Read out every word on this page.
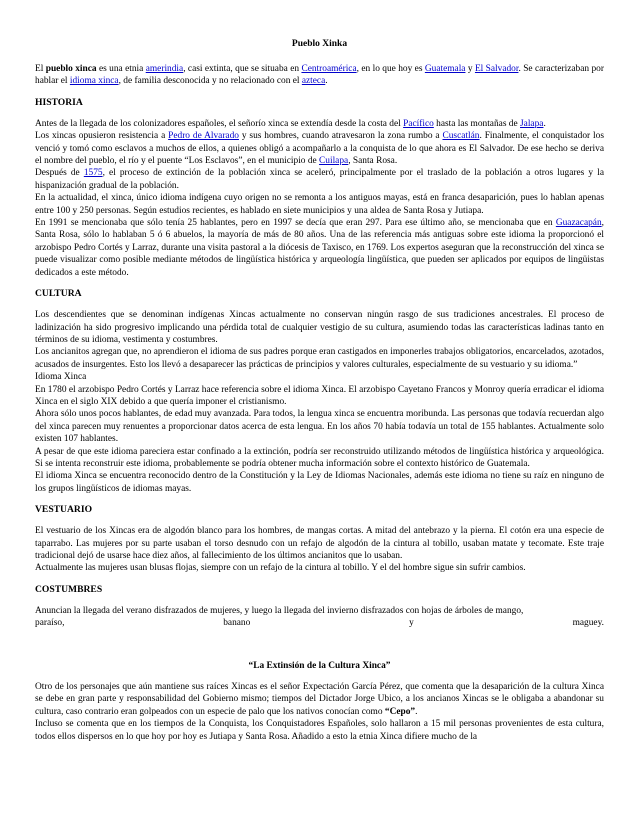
Pueblo Xinka

El pueblo xinca es una etnia amerindia, casi extinta, que se situaba en Centroamérica, en lo que hoy es Guatemala y El Salvador. Se caracterizaban por hablar el idioma xinca, de familia desconocida y no relacionado con el azteca.

HISTORIA

Antes de la llegada de los colonizadores españoles, el señorío xinca se extendía desde la costa del Pacífico hasta las montañas de Jalapa.

Los xincas opusieron resistencia a Pedro de Alvarado y sus hombres, cuando atravesaron la zona rumbo a Cuscatlán. Finalmente, el conquistador los venció y tomó como esclavos a muchos de ellos, a quienes obligó a acompañarlo a la conquista de lo que ahora es El Salvador. De ese hecho se deriva el nombre del pueblo, el río y el puente “Los Esclavos”, en el municipio de Cuilapa, Santa Rosa.

Después de 1575, el proceso de extinción de la población xinca se aceleró, principalmente por el traslado de la población a otros lugares y la hispanización gradual de la población.

En la actualidad, el xinca, único idioma indígena cuyo origen no se remonta a los antiguos mayas, está en franca desaparición, pues lo hablan apenas entre 100 y 250 personas. Según estudios recientes, es hablado en siete municipios y una aldea de Santa Rosa y Jutiapa.

En 1991 se mencionaba que sólo tenía 25 hablantes, pero en 1997 se decía que eran 297. Para ese último año, se mencionaba que en Guazacapán, Santa Rosa, sólo lo hablaban 5 ó 6 abuelos, la mayoría de más de 80 años. Una de las referencia más antiguas sobre este idioma la proporcionó el arzobispo Pedro Cortés y Larraz, durante una visita pastoral a la diócesis de Taxisco, en 1769. Los expertos aseguran que la reconstrucción del xinca se puede visualizar como posible mediante métodos de lingüística histórica y arqueología lingüística, que pueden ser aplicados por equipos de lingüistas dedicados a este método.

CULTURA

Los descendientes que se denominan indígenas Xincas actualmente no conservan ningún rasgo de sus tradiciones ancestrales. El proceso de ladinización ha sido progresivo implicando una pérdida total de cualquier vestigio de su cultura, asumiendo todas las características ladinas tanto en términos de su idioma, vestimenta y costumbres.

Los ancianitos agregan que, no aprendieron el idioma de sus padres porque eran castigados en imponerles trabajos obligatorios, encarcelados, azotados, acusados de insurgentes. Esto los llevó a desaparecer las prácticas de principios y valores culturales, especialmente de su vestuario y su idioma.”

Idioma Xinca

En 1780 el arzobispo Pedro Cortés y Larraz hace referencia sobre el idioma Xinca. El arzobispo Cayetano Francos y Monroy quería erradicar el idioma Xinca en el siglo XIX debido a que quería imponer el cristianismo.

Ahora sólo unos pocos hablantes, de edad muy avanzada. Para todos, la lengua xinca se encuentra moribunda. Las personas que todavía recuerdan algo del xinca parecen muy renuentes a proporcionar datos acerca de esta lengua. En los años 70 había todavía un total de 155 hablantes. Actualmente solo existen 107 hablantes.

A pesar de que este idioma pareciera estar confinado a la extinción, podría ser reconstruido utilizando métodos de lingüística histórica y arqueológica. Si se intenta reconstruir este idioma, probablemente se podría obtener mucha información sobre el contexto histórico de Guatemala.

El idioma Xinca se encuentra reconocido dentro de la Constitución y la Ley de Idiomas Nacionales, además este idioma no tiene su raíz en ninguno de los grupos lingüísticos de idiomas mayas.

VESTUARIO

El vestuario de los Xincas era de algodón blanco para los hombres, de mangas cortas. A mitad del antebrazo y la pierna. El cotón era una especie de taparrabo. Las mujeres por su parte usaban el torso desnudo con un refajo de algodón de la cintura al tobillo, usaban matate y tecomate. Este traje tradicional dejó de usarse hace diez años, al fallecimiento de los últimos ancianitos que lo usaban.

Actualmente las mujeres usan blusas flojas, siempre con un refajo de la cintura al tobillo. Y el del hombre sigue sin sufrir cambios.

COSTUMBRES

Anuncian la llegada del verano disfrazados de mujeres, y luego la llegada del invierno disfrazados con hojas de árboles de mango,

paraíso,	banano	y	maguey.

“La Extinsión de la Cultura Xinca”

Otro de los personajes que aún mantiene sus raíces Xincas es el señor Expectación García Pérez, que comenta que la desaparición de la cultura Xinca se debe en gran parte y responsabilidad del Gobierno mismo; tiempos del Dictador Jorge Ubico, a los ancianos Xincas se le obligaba a abandonar su cultura, caso contrario eran golpeados con un especie de palo que los nativos conocían como “Cepo”.

Incluso se comenta que en los tiempos de la Conquista, los Conquistadores Españoles, solo hallaron a 15 mil personas provenientes de esta cultura, todos ellos dispersos en lo que hoy por hoy es Jutiapa y Santa Rosa. Añadido a esto la etnia Xinca difiere mucho de la
